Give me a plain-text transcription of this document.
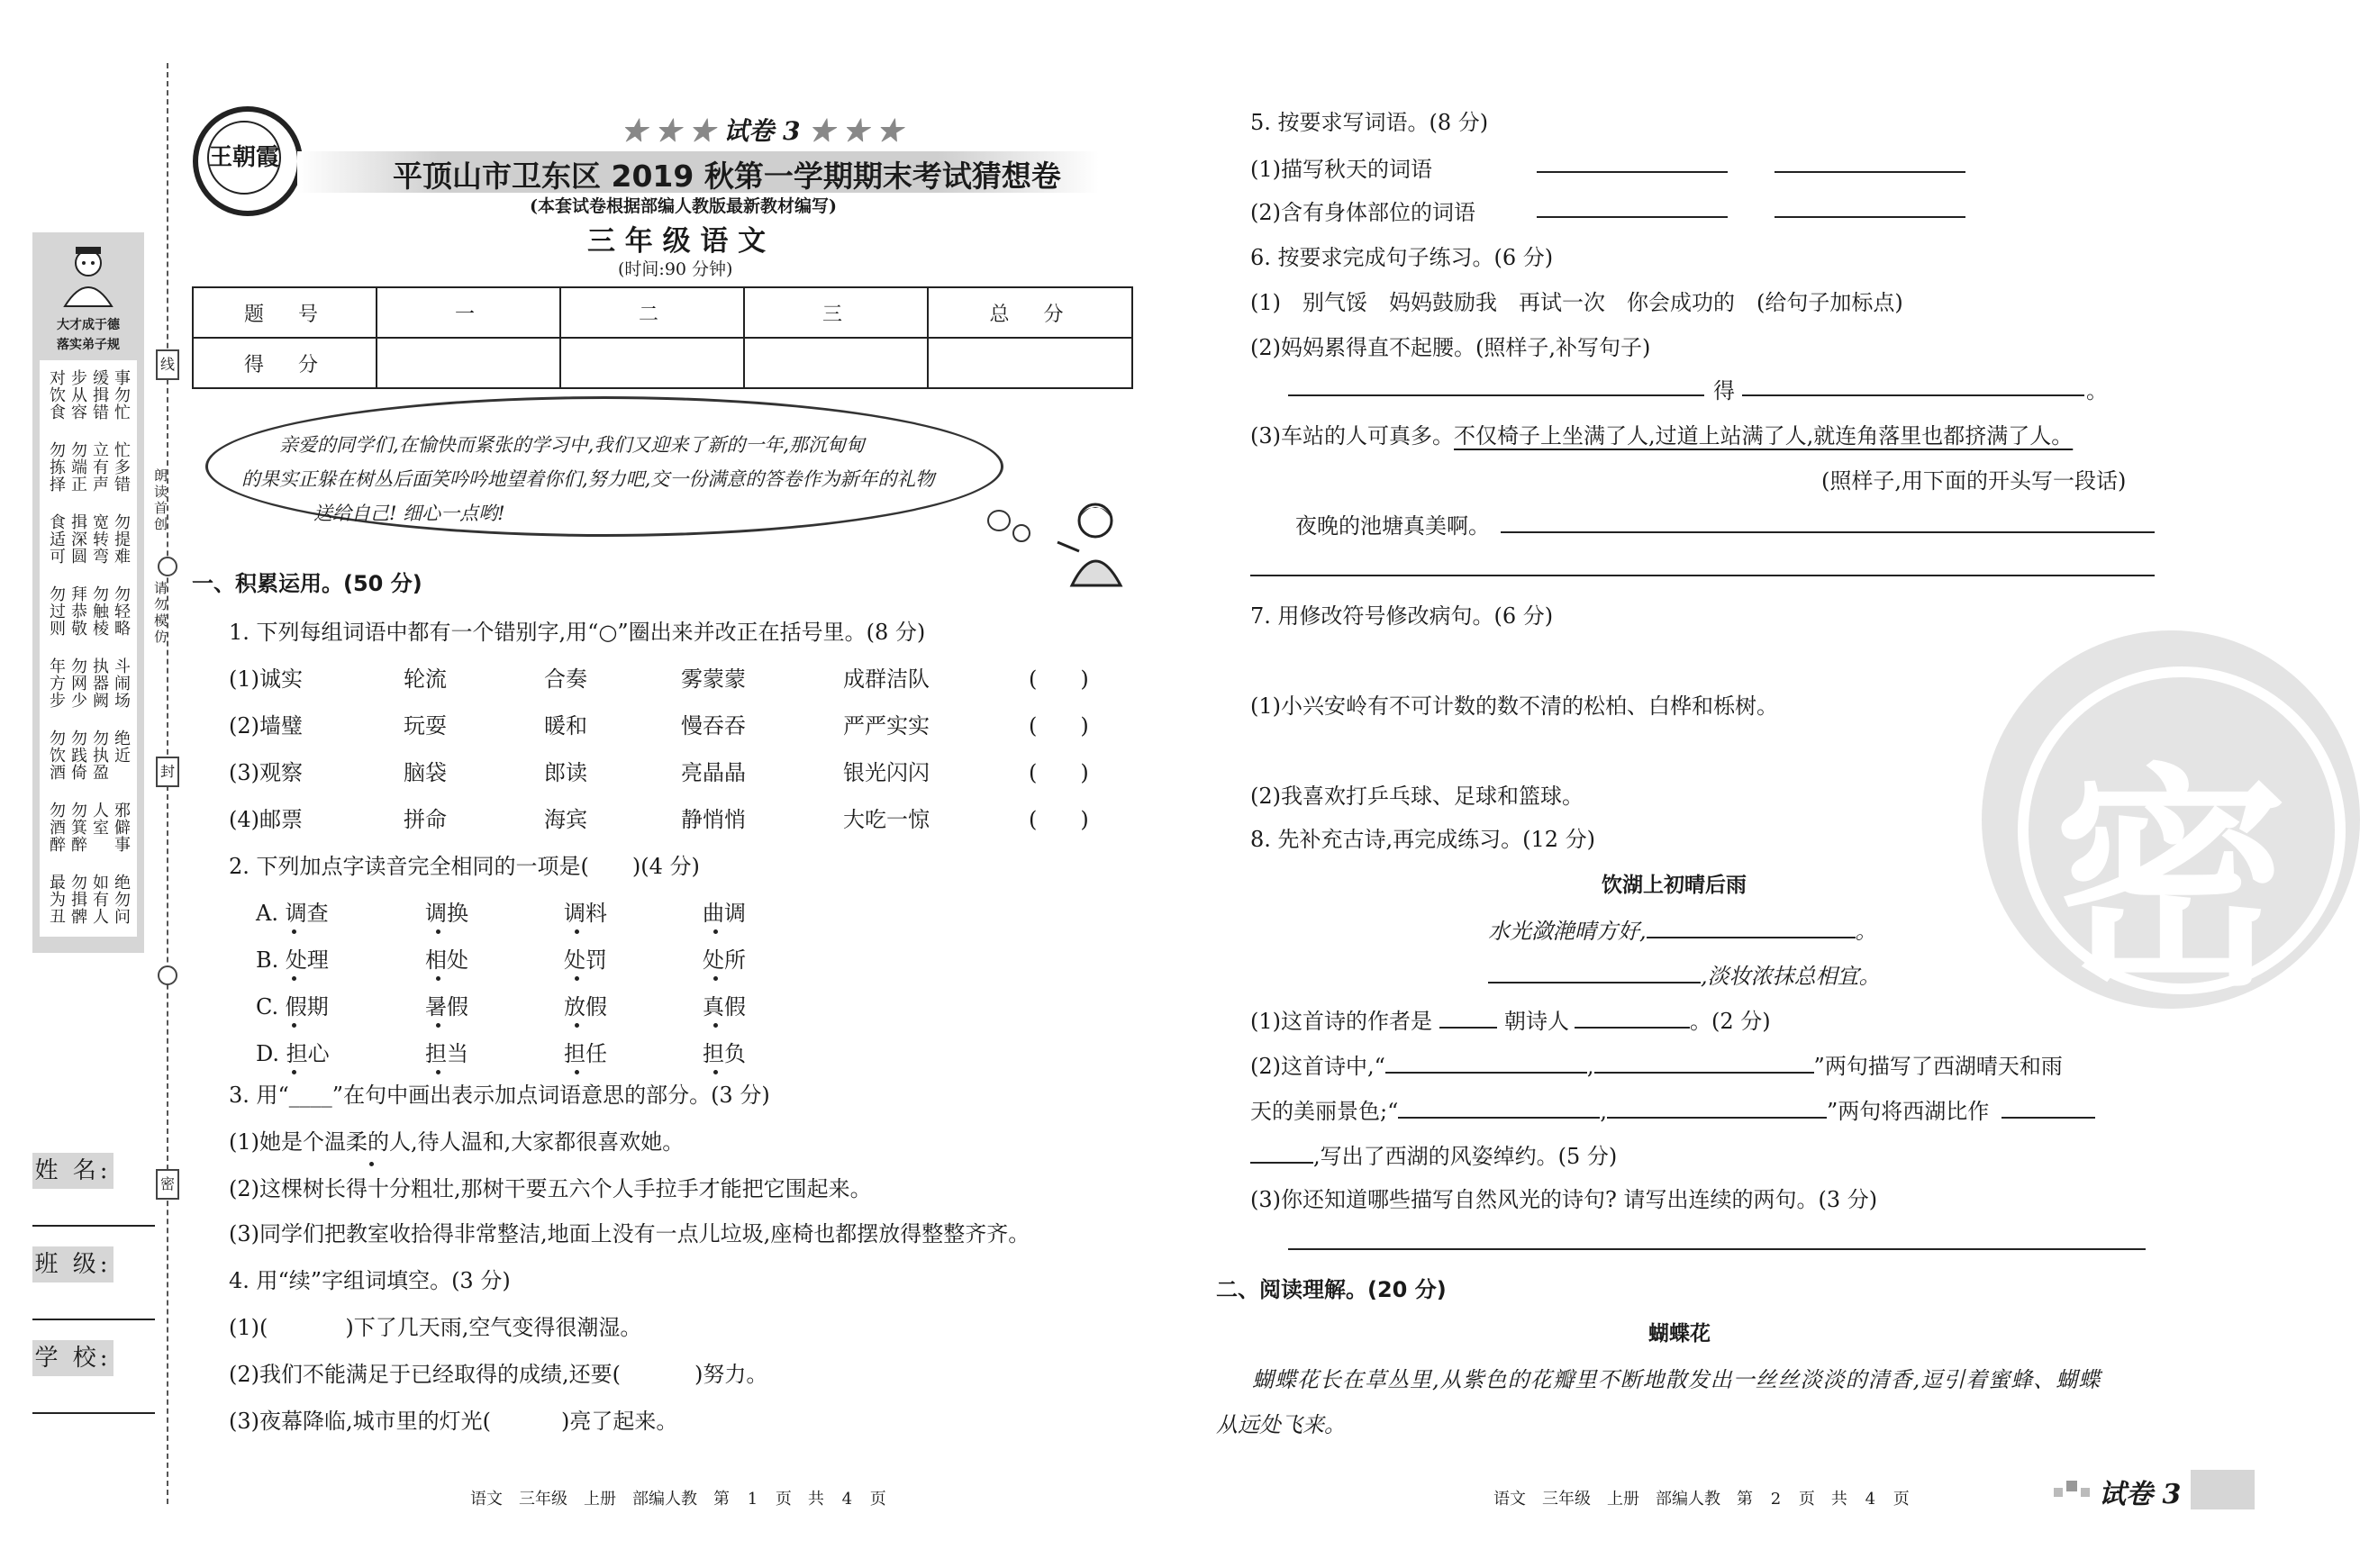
线
朗读首创
请勿模仿
封
密
大才成于德
落实弟子规
事勿忙
缓揖错
步从容
对饮食
忙多错
立有声
勿端正
勿拣择
勿提难
宽转弯
揖深圆
食适可
勿轻略
勿触棱
拜恭敬
勿过则
斗闹场
执器阙
勿网少
年方步
绝近
勿执盈
勿践倚
勿饮酒
邪僻事
人室
勿箕醉
勿酒醉
绝勿问
如有人
勿揖髀
最为丑
姓 名:
班 级:
学 校:
王朝霞
★ ★ ★ 试卷 3 ★ ★ ★
平顶山市卫东区 2019 秋第一学期期末考试猜想卷
(本套试卷根据部编人教版最新教材编写)
三 年 级 语 文
(时间:90 分钟)
题　号	一	二	三	总　分
得　分				
亲爱的同学们,在愉快而紧张的学习中,我们又迎来了新的一年,那沉甸甸
的果实正躲在树丛后面笑吟吟地望着你们,努力吧,交一份满意的答卷作为新年的礼物
送给自己! 细心一点哟!
一、积累运用。(50 分)
1. 下列每组词语中都有一个错别字,用“○”圈出来并改正在括号里。(8 分)
(1)诚实	轮流	合奏	雾蒙蒙	成群洁队	(　　)
(2)墙璧	玩耍	暖和	慢吞吞	严严实实	(　　)
(3)观察	脑袋	郎读	亮晶晶	银光闪闪	(　　)
(4)邮票	拼命	海宾	静悄悄	大吃一惊	(　　)
2. 下列加点字读音完全相同的一项是(　　)(4 分)
A. 调查	调换	调料	曲调
B. 处理	相处	处罚	处所
C. 假期	暑假	放假	真假
D. 担心	担当	担任	担负
3. 用“____”在句中画出表示加点词语意思的部分。(3 分)
(1)她是个温柔的人,待人温和,大家都很喜欢她。
(2)这棵树长得十分粗壮,那树干要五六个人手拉手才能把它围起来。
(3)同学们把教室收拾得非常整洁,地面上没有一点儿垃圾,座椅也都摆放得整整齐齐。
4. 用“续”字组词填空。(3 分)
(1)(	)下了几天雨,空气变得很潮湿。
(2)我们不能满足于已经取得的成绩,还要(	)努力。
(3)夜幕降临,城市里的灯光(	)亮了起来。
语文　三年级　上册　部编人教　第 1 页　共 4 页
密
5. 按要求写词语。(8 分)
(1)描写秋天的词语
(2)含有身体部位的词语
6. 按要求完成句子练习。(6 分)
(1)　别气馁　妈妈鼓励我　再试一次　你会成功的　(给句子加标点)
(2)妈妈累得直不起腰。(照样子,补写句子)
得	。
(3)车站的人可真多。不仅椅子上坐满了人,过道上站满了人,就连角落里也都挤满了人。
(照样子,用下面的开头写一段话)
夜晚的池塘真美啊。
7. 用修改符号修改病句。(6 分)
(1)小兴安岭有不可计数的数不清的松柏、白桦和栎树。
(2)我喜欢打乒乓球、足球和篮球。
8. 先补充古诗,再完成练习。(12 分)
饮湖上初晴后雨
水光潋滟晴方好,	。
,淡妆浓抹总相宜。
(1)这首诗的作者是	朝诗人	。(2 分)
(2)这首诗中,“	,	”两句描写了西湖晴天和雨
天的美丽景色;“	,	”两句将西湖比作
,写出了西湖的风姿绰约。(5 分)
(3)你还知道哪些描写自然风光的诗句? 请写出连续的两句。(3 分)
二、阅读理解。(20 分)
蝴蝶花
蝴蝶花长在草丛里,从紫色的花瓣里不断地散发出一丝丝淡淡的清香,逗引着蜜蜂、蝴蝶
从远处飞来。
语文　三年级　上册　部编人教　第 2 页　共 4 页	试卷 3
